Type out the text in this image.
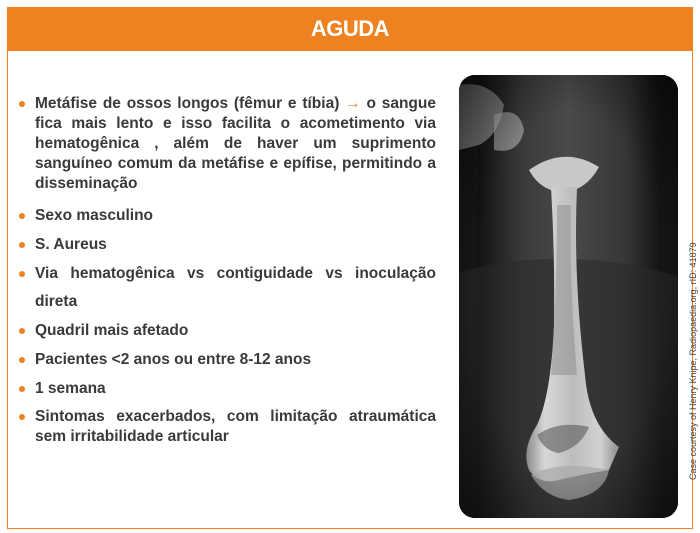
AGUDA
Metáfise de ossos longos (fêmur e tíbia) → o sangue fica mais lento e isso facilita o acometimento via hematogênica , além de haver um suprimento sanguíneo comum da metáfise e epífise, permitindo a disseminação
Sexo masculino
S. Aureus
Via hematogênica vs contiguidade vs inoculação direta
Quadril mais afetado
Pacientes <2 anos ou entre 8-12 anos
1 semana
Sintomas exacerbados, com limitação atraumática sem irritabilidade articular	Case courtesy of Henry Knipe, Radiopaedia.org, rID: 41879
